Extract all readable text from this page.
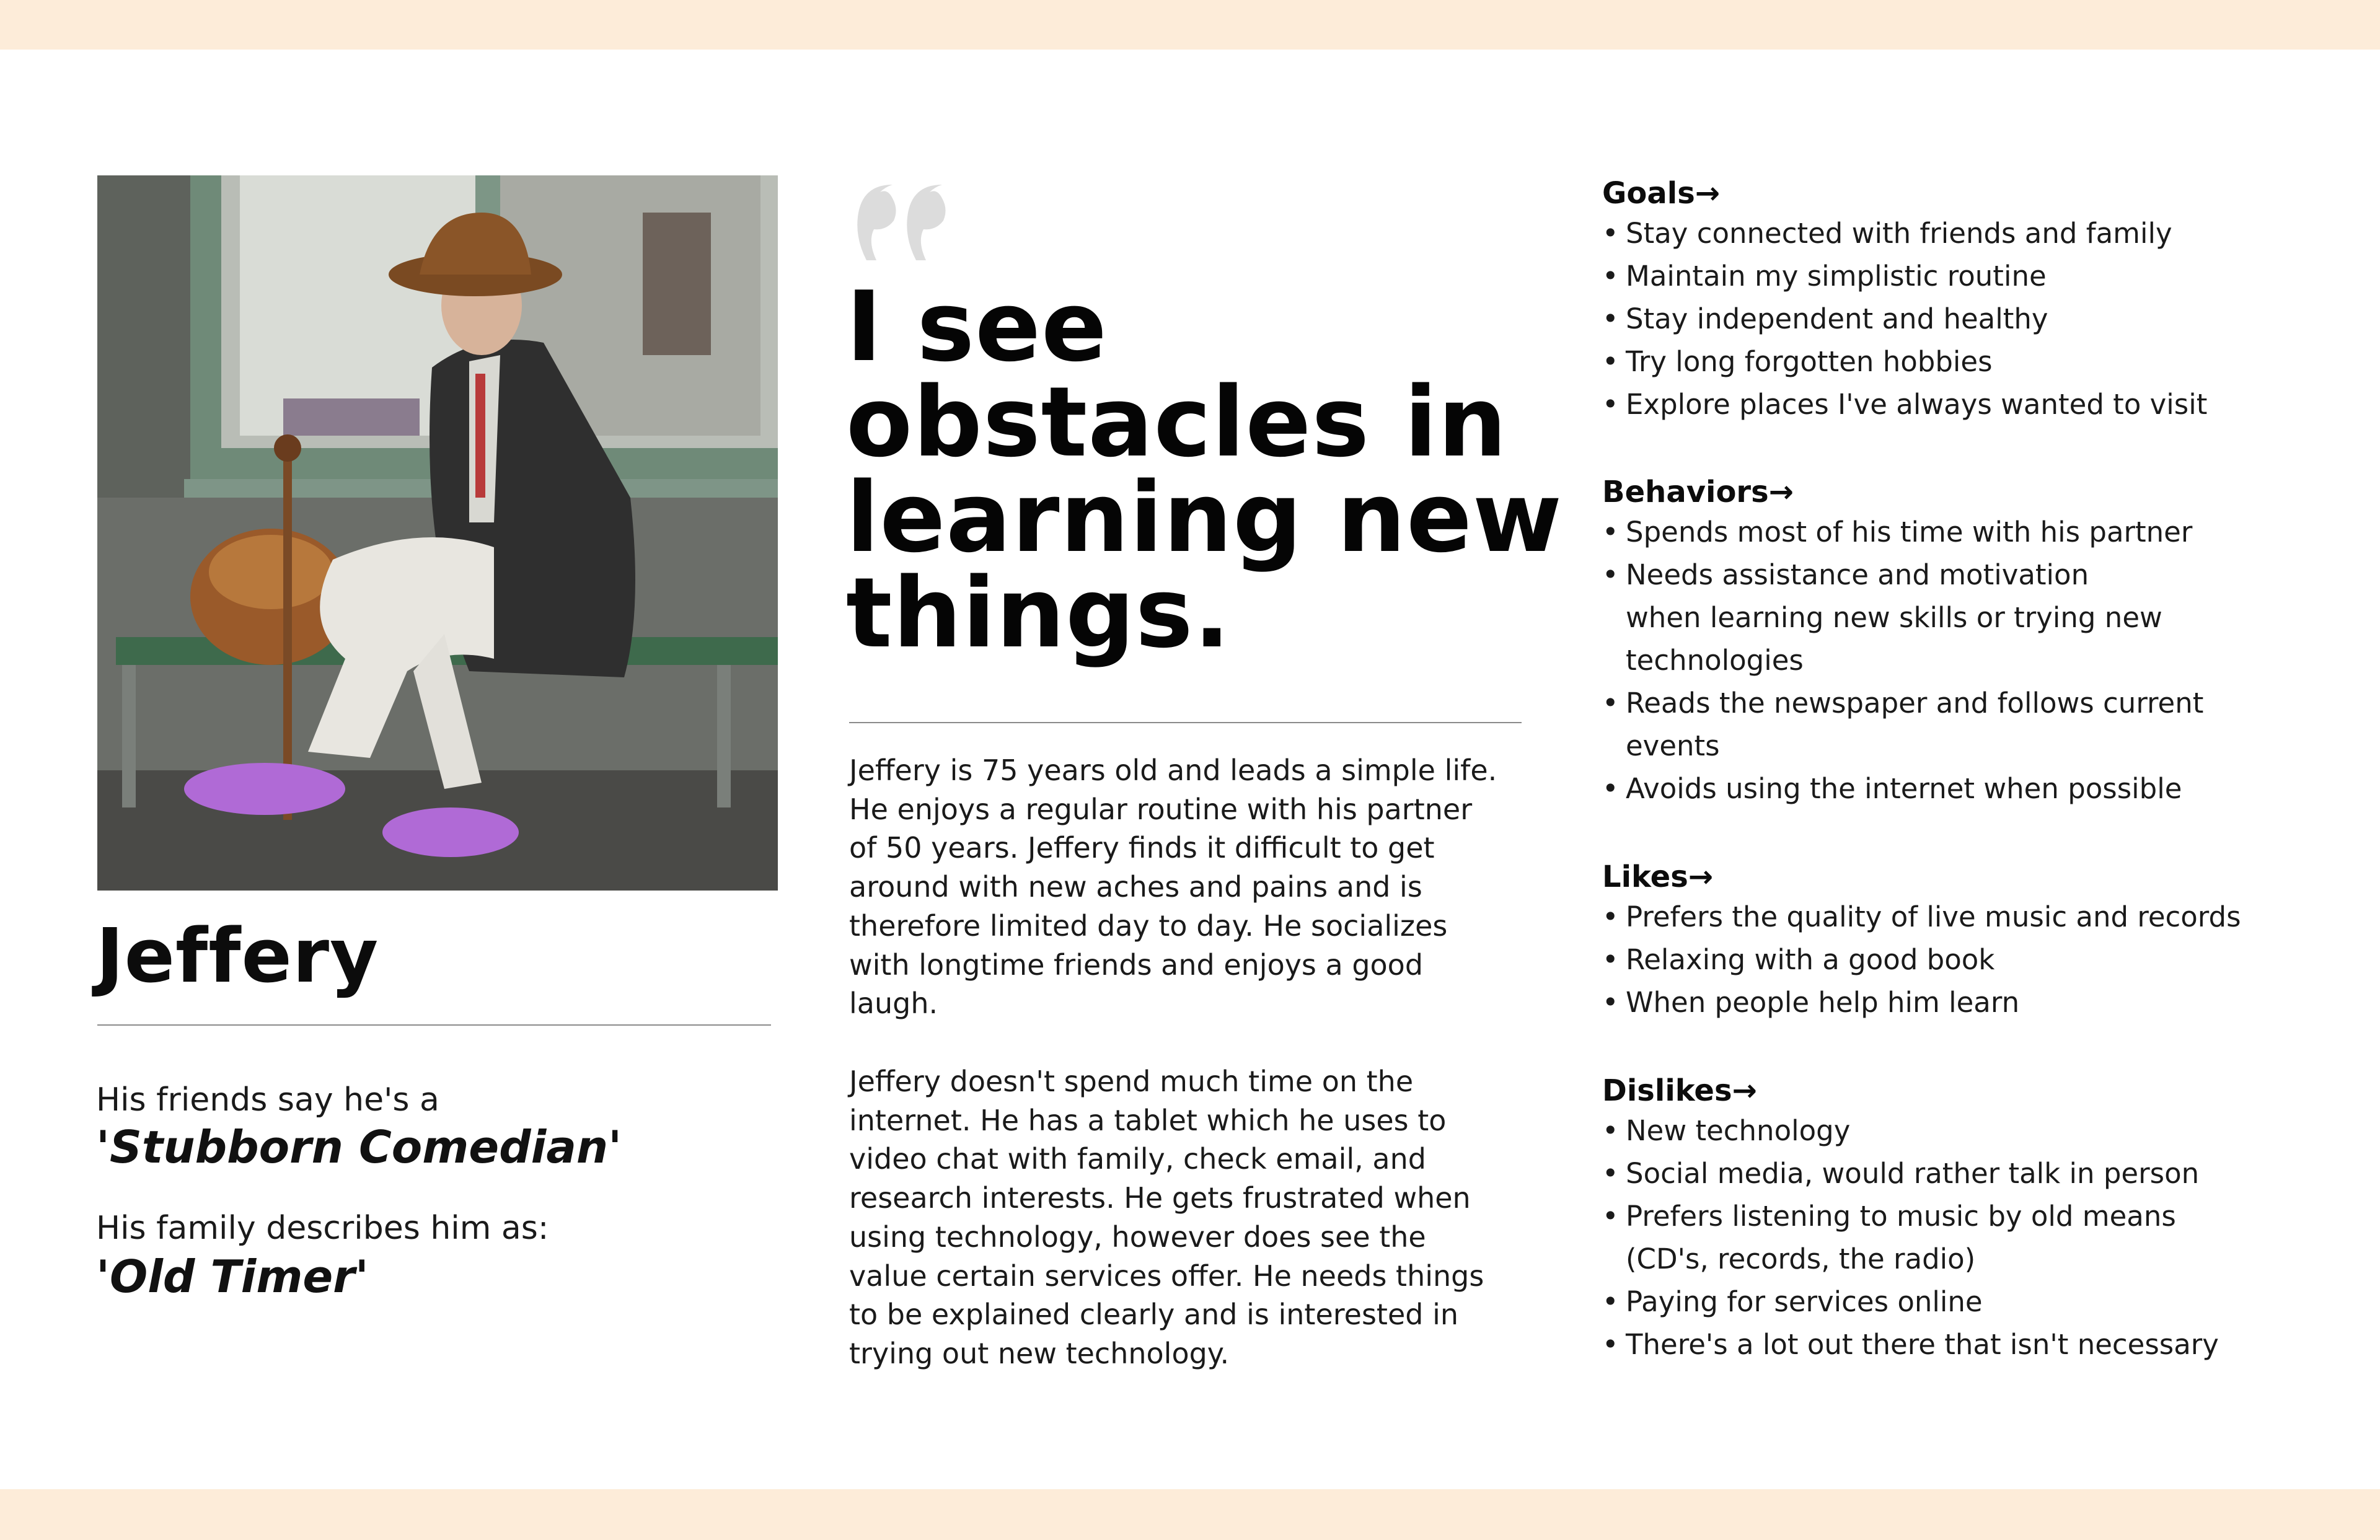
Jeffery
His friends say he's a
'Stubborn Comedian'
His family describes him as:
'Old Timer'
I see
obstacles in
learning new
things.
Jeffery is 75 years old and leads a simple life.
He enjoys a regular routine with his partner
of 50 years. Jeffery finds it difficult to get
around with new aches and pains and is
therefore limited day to day. He socializes
with longtime friends and enjoys a good
laugh.
Jeffery doesn't spend much time on the
internet. He has a tablet which he uses to
video chat with family, check email, and
research interests. He gets frustrated when
using technology, however does see the
value certain services offer. He needs things
to be explained clearly and is interested in
trying out new technology.
Goals→
• Stay connected with friends and family
• Maintain my simplistic routine
• Stay independent and healthy
• Try long forgotten hobbies
• Explore places I've always wanted to visit
Behaviors→
• Spends most of his time with his partner
• Needs assistance and motivation
when learning new skills or trying new
technologies
• Reads the newspaper and follows current
events
• Avoids using the internet when possible
Likes→
• Prefers the quality of live music and records
• Relaxing with a good book
• When people help him learn
Dislikes→
• New technology
• Social media, would rather talk in person
• Prefers listening to music by old means
(CD's, records, the radio)
• Paying for services online
• There's a lot out there that isn't necessary
